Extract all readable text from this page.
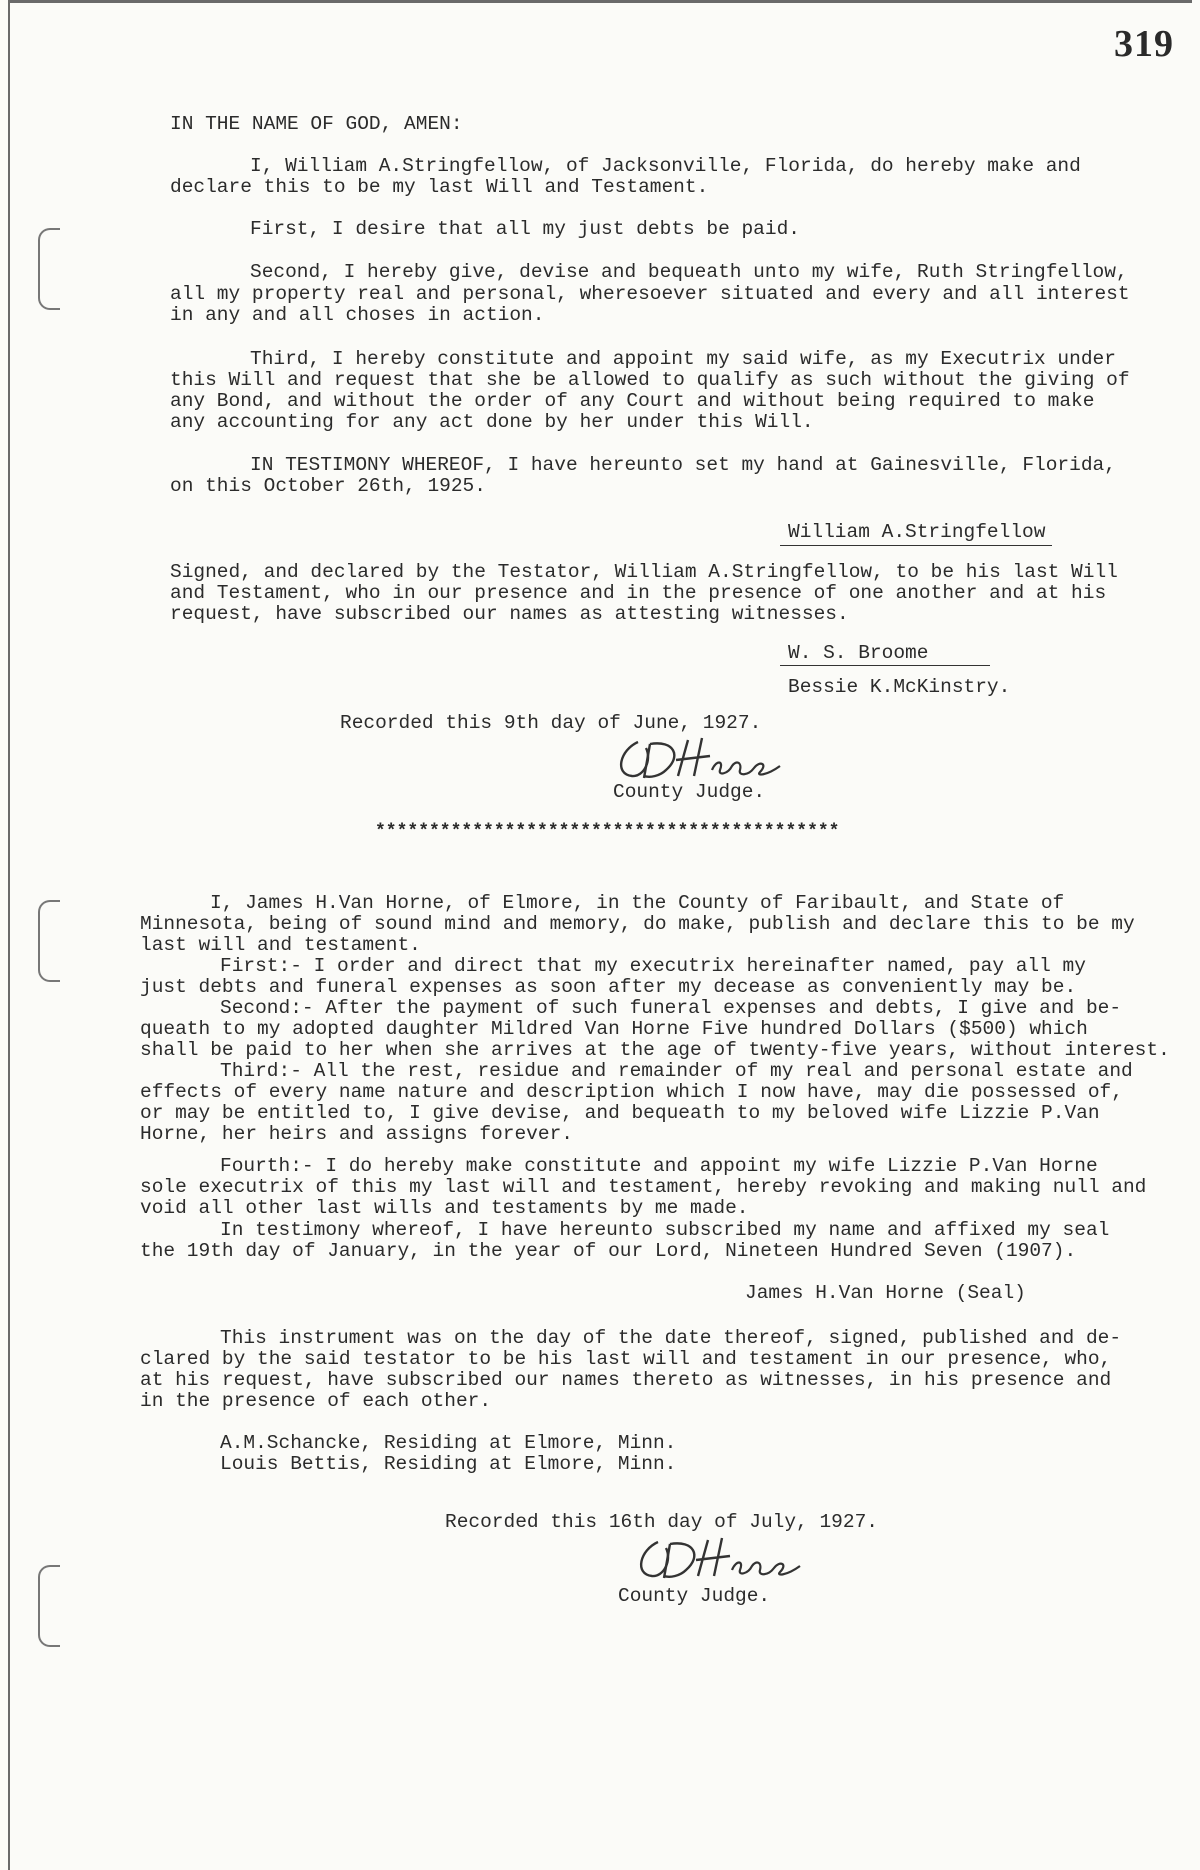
319
IN THE NAME OF GOD, AMEN:
I, William A.Stringfellow, of Jacksonville, Florida, do hereby make and
declare this to be my last Will and Testament.
First, I desire that all my just debts be paid.
Second, I hereby give, devise and bequeath unto my wife, Ruth Stringfellow,
all my property real and personal, wheresoever situated and every and all interest
in any and all choses in action.
Third, I hereby constitute and appoint my said wife, as my Executrix under
this Will and request that she be allowed to qualify as such without the giving of
any Bond, and without the order of any Court and without being required to make
any accounting for any act done by her under this Will.
IN TESTIMONY WHEREOF, I have hereunto set my hand at Gainesville, Florida,
on this October 26th, 1925.
William A.Stringfellow
Signed, and declared by the Testator, William A.Stringfellow, to be his last Will
and Testament, who in our presence and in the presence of one another and at his
request, have subscribed our names as attesting witnesses.
W. S. Broome
Bessie K.McKinstry.
Recorded this 9th day of June, 1927.
County Judge.
*******************************************
I, James H.Van Horne, of Elmore, in the County of Faribault, and State of
Minnesota, being of sound mind and memory, do make, publish and declare this to be my
last will and testament.
First:- I order and direct that my executrix hereinafter named, pay all my
just debts and funeral expenses as soon after my decease as conveniently may be.
Second:- After the payment of such funeral expenses and debts, I give and be-
queath to my adopted daughter Mildred Van Horne Five hundred Dollars ($500) which
shall be paid to her when she arrives at the age of twenty-five years, without interest.
Third:- All the rest, residue and remainder of my real and personal estate and
effects of every name nature and description which I now have, may die possessed of,
or may be entitled to, I give devise, and bequeath to my beloved wife Lizzie P.Van
Horne, her heirs and assigns forever.
Fourth:- I do hereby make constitute and appoint my wife Lizzie P.Van Horne
sole executrix of this my last will and testament, hereby revoking and making null and
void all other last wills and testaments by me made.
In testimony whereof, I have hereunto subscribed my name and affixed my seal
the 19th day of January, in the year of our Lord, Nineteen Hundred Seven (1907).
James H.Van Horne (Seal)
This instrument was on the day of the date thereof, signed, published and de-
clared by the said testator to be his last will and testament in our presence, who,
at his request, have subscribed our names thereto as witnesses, in his presence and
in the presence of each other.
A.M.Schancke, Residing at Elmore, Minn.
Louis Bettis, Residing at Elmore, Minn.
Recorded this 16th day of July, 1927.
County Judge.
